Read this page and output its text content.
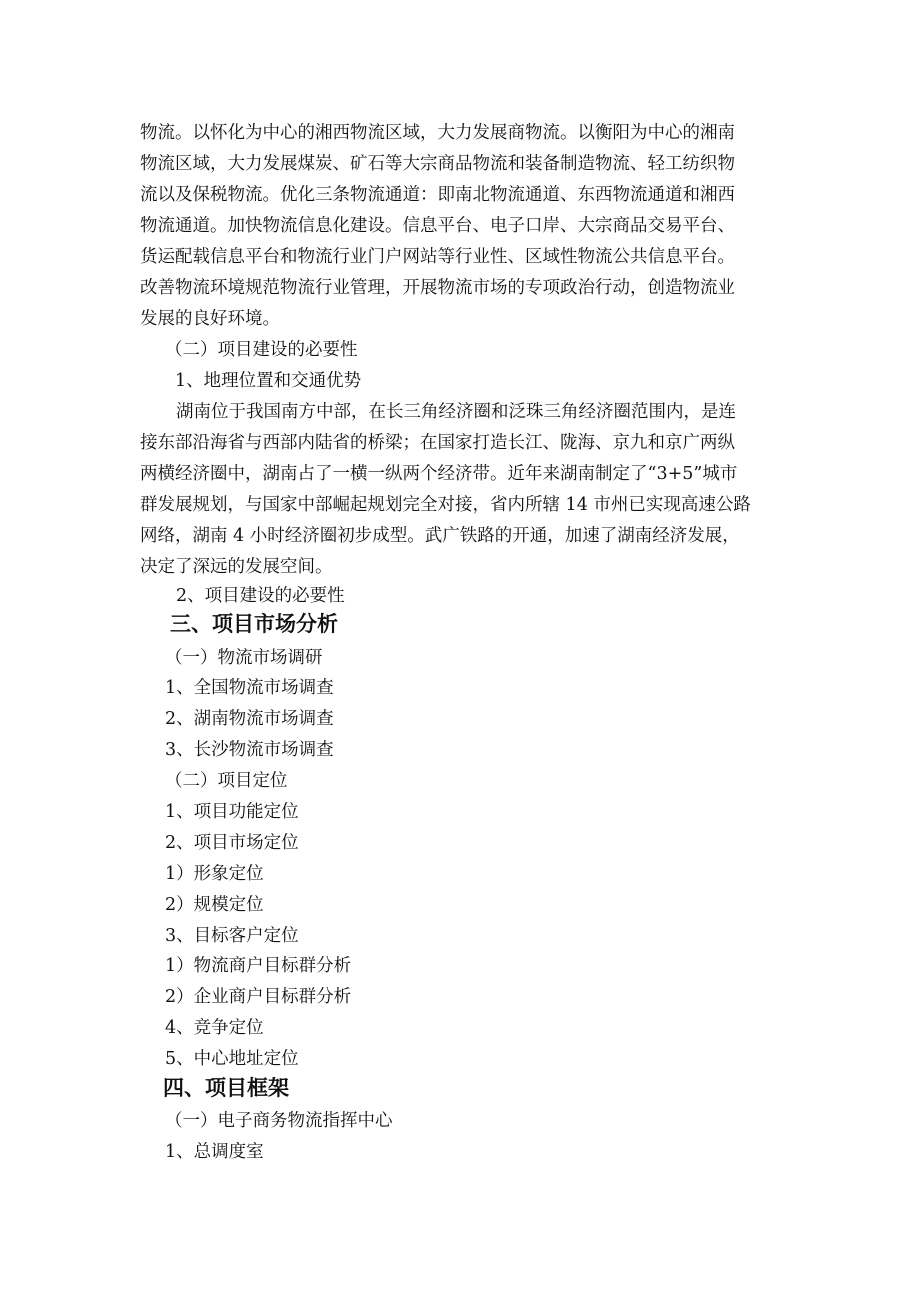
物流。以怀化为中心的湘西物流区域，大力发展商物流。以衡阳为中心的湘南
物流区域，大力发展煤炭、矿石等大宗商品物流和装备制造物流、轻工纺织物
流以及保税物流。优化三条物流通道：即南北物流通道、东西物流通道和湘西
物流通道。加快物流信息化建设。信息平台、电子口岸、大宗商品交易平台、
货运配载信息平台和物流行业门户网站等行业性、区域性物流公共信息平台。
改善物流环境规范物流行业管理，开展物流市场的专项政治行动，创造物流业
发展的良好环境。
（二）项目建设的必要性
1、地理位置和交通优势
湖南位于我国南方中部，在长三角经济圈和泛珠三角经济圈范围内，是连
接东部沿海省与西部内陆省的桥梁；在国家打造长江、陇海、京九和京广两纵
两横经济圈中，湖南占了一横一纵两个经济带。近年来湖南制定了“3+5”城市
群发展规划，与国家中部崛起规划完全对接，省内所辖 14 市州已实现高速公路
网络，湖南 4 小时经济圈初步成型。武广铁路的开通，加速了湖南经济发展，
决定了深远的发展空间。
2、项目建设的必要性
三、项目市场分析
（一）物流市场调研
1、全国物流市场调查
2、湖南物流市场调查
3、长沙物流市场调查
（二）项目定位
1、项目功能定位
2、项目市场定位
1）形象定位
2）规模定位
3、目标客户定位
1）物流商户目标群分析
2）企业商户目标群分析
4、竞争定位
5、中心地址定位
四、项目框架
（一）电子商务物流指挥中心
1、总调度室
